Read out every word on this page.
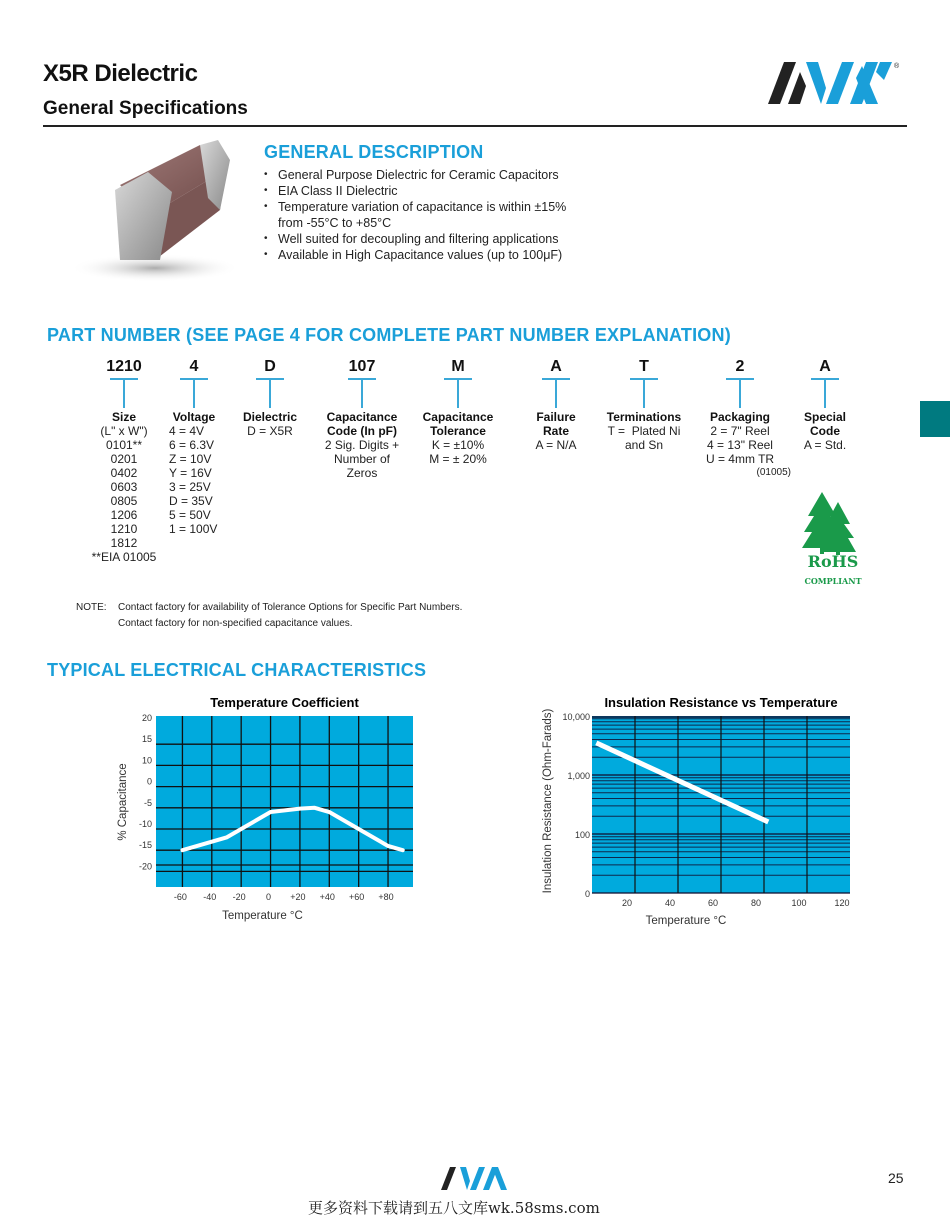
X5R Dielectric
General Specifications
®
GENERAL DESCRIPTION
• General Purpose Dielectric for Ceramic Capacitors
• EIA Class II Dielectric
• Temperature variation of capacitance is within ±15%
from -55°C to +85°C
• Well suited for decoupling and filtering applications
• Available in High Capacitance values (up to 100μF)
PART NUMBER (SEE PAGE 4 FOR COMPLETE PART NUMBER EXPLANATION)
1210
Size
(L" x W")
0101**
0201
0402
0603
0805
1206
1210
1812
**EIA 01005
4
Voltage
4 = 4V
6 = 6.3V
Z = 10V
Y = 16V
3 = 25V
D = 35V
5 = 50V
1 = 100V
D
Dielectric
D = X5R
107
Capacitance
Code (In pF)
2 Sig. Digits +
Number of
Zeros
M
Capacitance
Tolerance
K = ±10%
M = ± 20%
A
Failure
Rate
A = N/A
T
Terminations
T =  Plated Ni
and Sn
2
Packaging
2 = 7" Reel
4 = 13" Reel
U = 4mm TR
(01005)
A
Special
Code
A = Std.
RoHS
COMPLIANT
NOTE: Contact factory for availability of Tolerance Options for Specific Part Numbers.
Contact factory for non-specified capacitance values.
TYPICAL ELECTRICAL CHARACTERISTICS
Temperature Coefficient
20
15
10
0
-5
-10
-15
-20
-60 -40 -20 0 +20 +40 +60 +80
Temperature °C
% Capacitance
Insulation Resistance vs Temperature
10,000
1,000
100
0
20	40	60	80	100	120
Temperature °C
Insulation Resistance (Ohm-Farads)
25
更多资料下载请到五八文库wk.58sms.com
